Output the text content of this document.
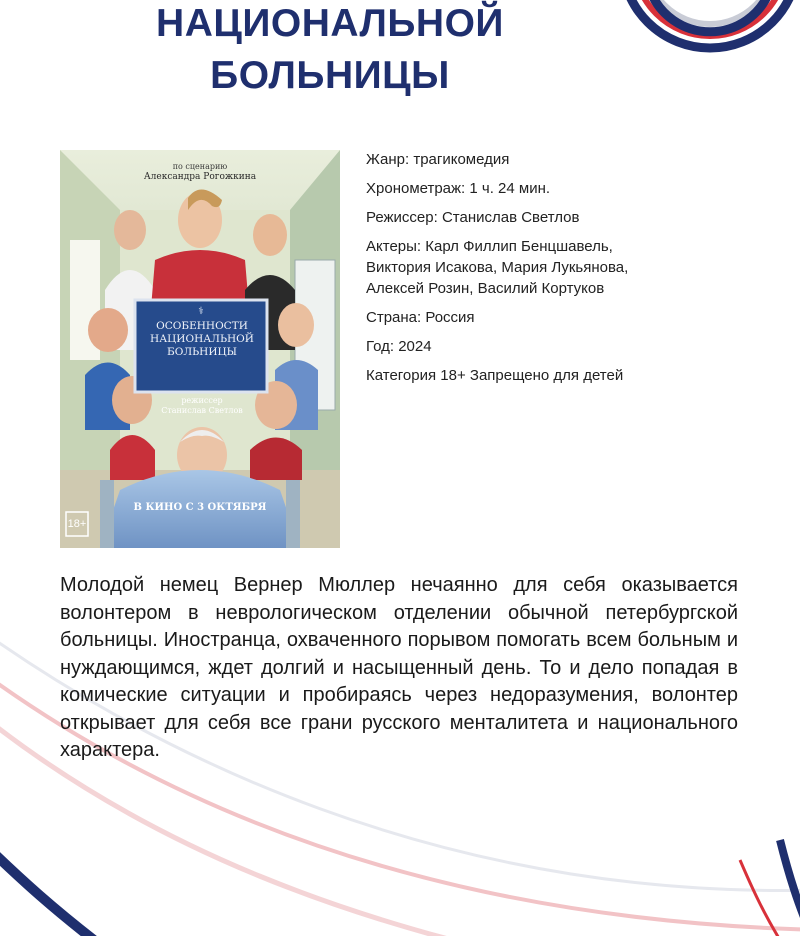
НАЦИОНАЛЬНОЙ
БОЛЬНИЦЫ
⚕
по сценарию
Александра Рогожкина
ОСОБЕННОСТИ
НАЦИОНАЛЬНОЙ
БОЛЬНИЦЫ
режиссер
Станислав Светлов
В КИНО С 3 ОКТЯБРЯ
18+
Жанр: трагикомедия
Хронометраж: 1 ч. 24 мин.
Режиссер: Станислав Светлов
Актеры: Карл Филлип Бенцшавель,
Виктория Исакова, Мария Лукьянова,
Алексей Розин, Василий Кортуков
Страна: Россия
Год: 2024
Категория 18+ Запрещено для детей
Молодой немец Вернер Мюллер нечаянно для себя оказывается волонтером в неврологическом отделении обычной петербургской больницы. Иностранца, охваченного порывом помогать всем больным и нуждающимся, ждет долгий и насыщенный день. То и дело попадая в комические ситуации и пробираясь через недоразумения, волонтер открывает для себя все грани русского менталитета и национального характера.
